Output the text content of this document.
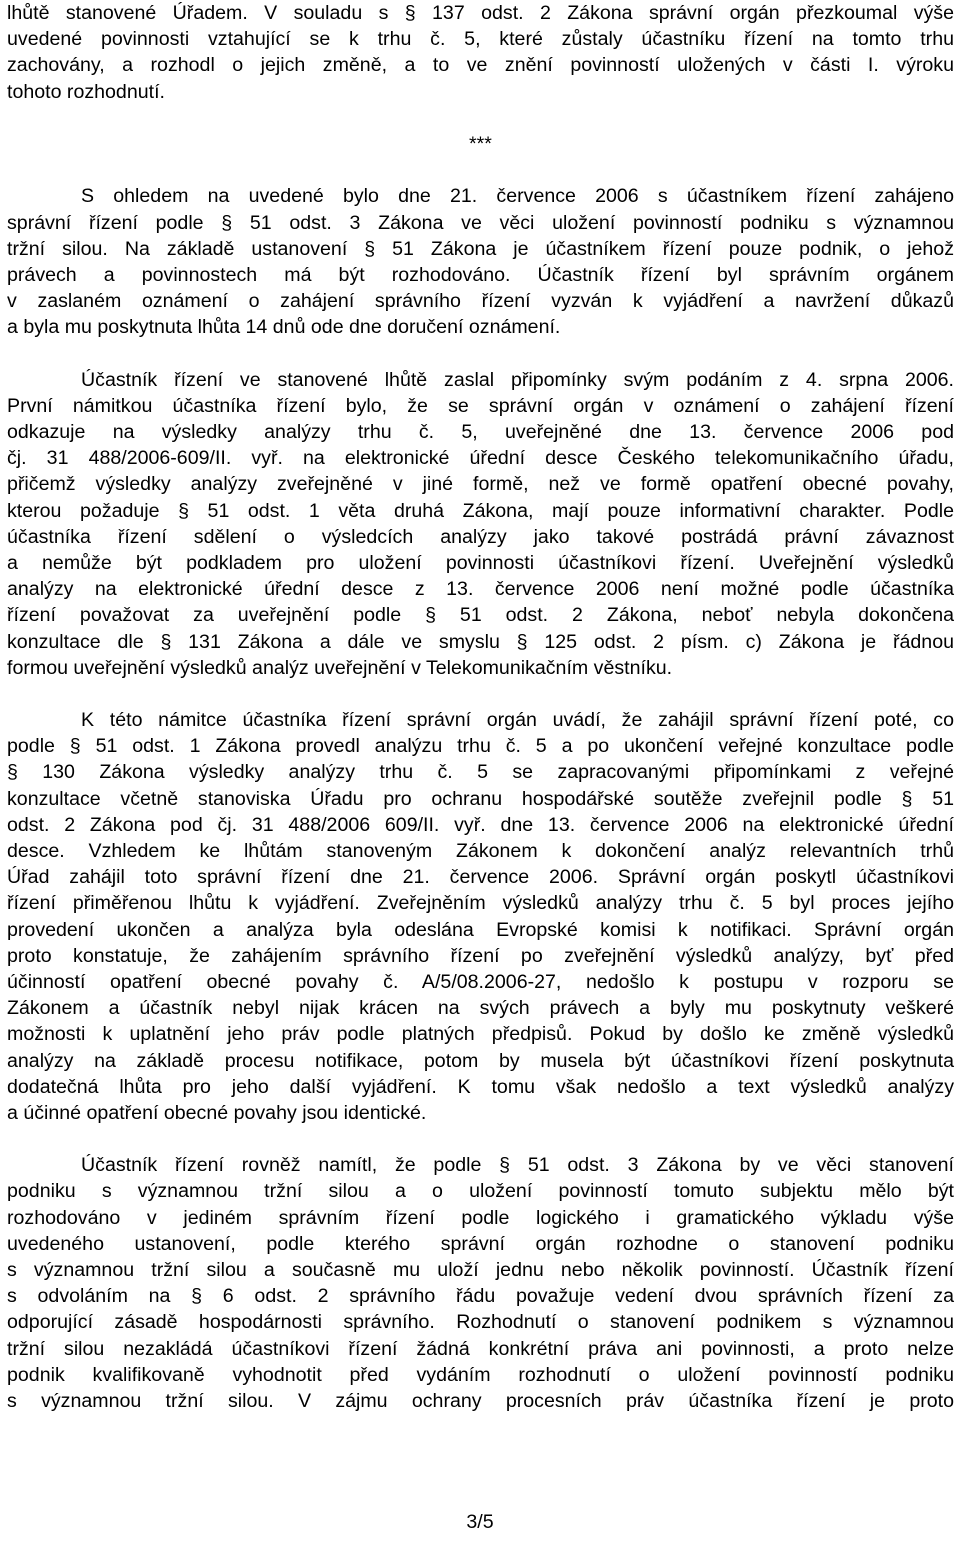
lhůtě stanovené Úřadem. V souladu s § 137 odst. 2 Zákona správní orgán přezkoumal výše
uvedené povinnosti vztahující se k trhu č. 5, které zůstaly účastníku řízení na tomto trhu
zachovány, a rozhodl o jejich změně, a to ve znění povinností uložených v části I. výroku
tohoto rozhodnutí.
***
S ohledem na uvedené bylo dne 21. července 2006 s účastníkem řízení zahájeno
správní řízení podle § 51 odst. 3 Zákona ve věci uložení povinností podniku s významnou
tržní silou. Na základě ustanovení § 51 Zákona je účastníkem řízení pouze podnik, o jehož
právech a povinnostech má být rozhodováno. Účastník řízení byl správním orgánem
v zaslaném oznámení o zahájení správního řízení vyzván k vyjádření a navržení důkazů
a byla mu poskytnuta lhůta 14 dnů ode dne doručení oznámení.
Účastník řízení ve stanovené lhůtě zaslal připomínky svým podáním z 4. srpna 2006.
První námitkou účastníka řízení bylo, že se správní orgán v oznámení o zahájení řízení
odkazuje na výsledky analýzy trhu č. 5, uveřejněné dne 13. července 2006 pod
čj. 31 488/2006-609/II. vyř. na elektronické úřední desce Českého telekomunikačního úřadu,
přičemž výsledky analýzy zveřejněné v jiné formě, než ve formě opatření obecné povahy,
kterou požaduje § 51 odst. 1 věta druhá Zákona, mají pouze informativní charakter. Podle
účastníka řízení sdělení o výsledcích analýzy jako takové postrádá právní závaznost
a nemůže být podkladem pro uložení povinnosti účastníkovi řízení. Uveřejnění výsledků
analýzy na elektronické úřední desce z 13. července 2006 není možné podle účastníka
řízení považovat za uveřejnění podle § 51 odst. 2 Zákona, neboť nebyla dokončena
konzultace dle § 131 Zákona a dále ve smyslu § 125 odst. 2 písm. c) Zákona je řádnou
formou uveřejnění výsledků analýz uveřejnění v Telekomunikačním věstníku.
K této námitce účastníka řízení správní orgán uvádí, že zahájil správní řízení poté, co
podle § 51 odst. 1 Zákona provedl analýzu trhu č. 5 a po ukončení veřejné konzultace podle
§ 130 Zákona výsledky analýzy trhu č. 5 se zapracovanými připomínkami z veřejné
konzultace včetně stanoviska Úřadu pro ochranu hospodářské soutěže zveřejnil podle § 51
odst. 2 Zákona pod čj. 31 488/2006 609/II. vyř. dne 13. července 2006 na elektronické úřední
desce. Vzhledem ke lhůtám stanoveným Zákonem k dokončení analýz relevantních trhů
Úřad zahájil toto správní řízení dne 21. července 2006. Správní orgán poskytl účastníkovi
řízení přiměřenou lhůtu k vyjádření. Zveřejněním výsledků analýzy trhu č. 5 byl proces jejího
provedení ukončen a analýza byla odeslána Evropské komisi k notifikaci. Správní orgán
proto konstatuje, že zahájením správního řízení po zveřejnění výsledků analýzy, byť před
účinností opatření obecné povahy č. A/5/08.2006-27, nedošlo k postupu v rozporu se
Zákonem a účastník nebyl nijak krácen na svých právech a byly mu poskytnuty veškeré
možnosti k uplatnění jeho práv podle platných předpisů. Pokud by došlo ke změně výsledků
analýzy na základě procesu notifikace, potom by musela být účastníkovi řízení poskytnuta
dodatečná lhůta pro jeho další vyjádření. K tomu však nedošlo a text výsledků analýzy
a účinné opatření obecné povahy jsou identické.
Účastník řízení rovněž namítl, že podle § 51 odst. 3 Zákona by ve věci stanovení
podniku s významnou tržní silou a o uložení povinností tomuto subjektu mělo být
rozhodováno v jediném správním řízení podle logického i gramatického výkladu výše
uvedeného ustanovení, podle kterého správní orgán rozhodne o stanovení podniku
s významnou tržní silou a současně mu uloží jednu nebo několik povinností. Účastník řízení
s odvoláním na § 6 odst. 2 správního řádu považuje vedení dvou správních řízení za
odporující zásadě hospodárnosti správního. Rozhodnutí o stanovení podnikem s významnou
tržní silou nezakládá účastníkovi řízení žádná konkrétní práva ani povinnosti, a proto nelze
podnik kvalifikovaně vyhodnotit před vydáním rozhodnutí o uložení povinností podniku
s významnou tržní silou. V zájmu ochrany procesních práv účastníka řízení je proto
3/5
